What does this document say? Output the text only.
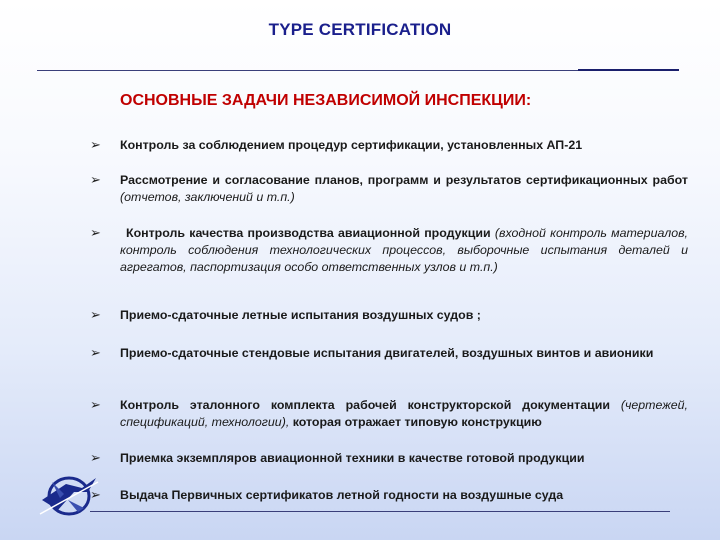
TYPE CERTIFICATION
ОСНОВНЫЕ ЗАДАЧИ НЕЗАВИСИМОЙ ИНСПЕКЦИИ:
➢	Контроль за соблюдением процедур сертификации, установленных АП-21
➢	Рассмотрение и согласование планов, программ и результатов сертификационных работ (отчетов, заключений и т.п.)
➢	Контроль качества производства авиационной продукции (входной контроль материалов, контроль соблюдения технологических процессов, выборочные испытания деталей и агрегатов, паспортизация особо ответственных узлов и т.п.)
➢	Приемо-сдаточные летные испытания воздушных судов ;
➢	Приемо-сдаточные стендовые испытания двигателей, воздушных винтов и авионики
➢	Контроль эталонного комплекта рабочей конструкторской документации (чертежей, спецификаций, технологии), которая отражает типовую конструкцию
➢	Приемка экземпляров авиационной техники в качестве готовой продукции
➢	Выдача Первичных сертификатов летной годности на воздушные суда
